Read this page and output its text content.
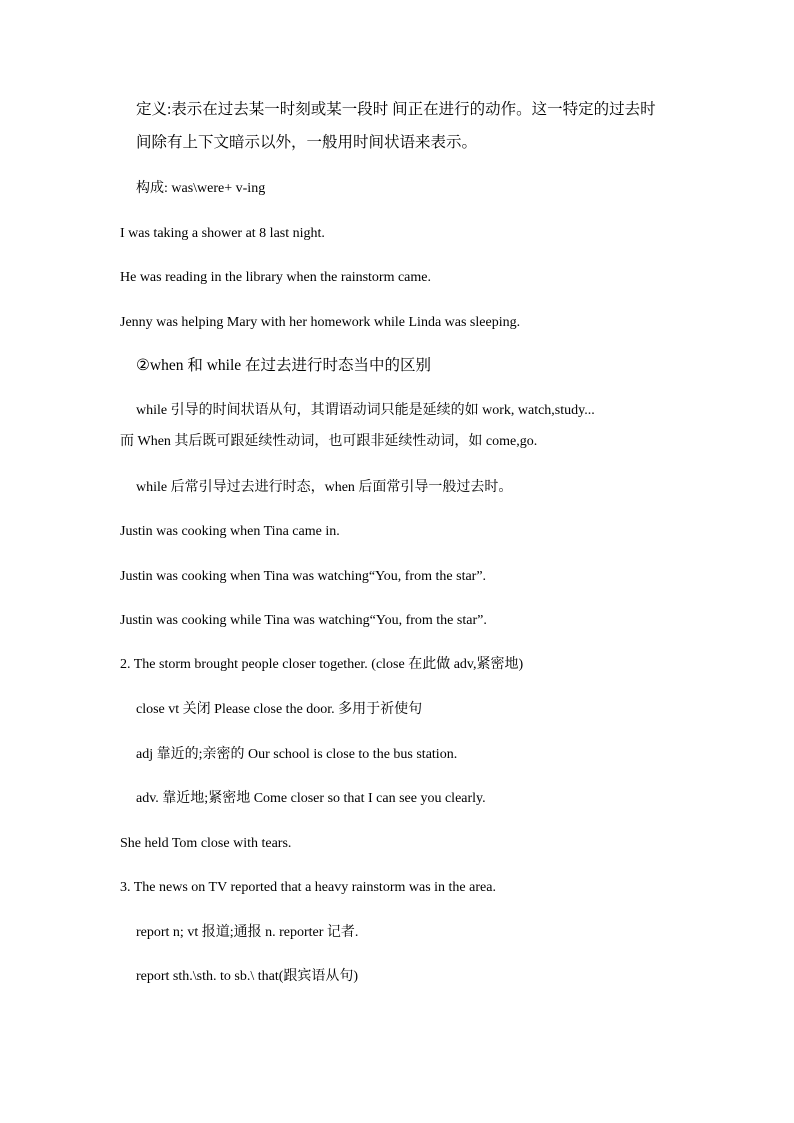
定义:表示在过去某一时刻或某一段时 间正在进行的动作。这一特定的过去时
间除有上下文暗示以外，一般用时间状语来表示。
构成: was\were+ v-ing
I was taking a shower at 8 last night.
He was reading in the library when the rainstorm came.
Jenny was helping Mary with her homework while Linda was sleeping.
②when 和 while 在过去进行时态当中的区别
while 引导的时间状语从句，其谓语动词只能是延续的如 work, watch,study...
而 When 其后既可跟延续性动词，也可跟非延续性动词，如 come,go.
while 后常引导过去进行时态，when 后面常引导一般过去时。
Justin was cooking when Tina came in.
Justin was cooking when Tina was watching“You, from the star”.
Justin was cooking while Tina was watching“You, from the star”.
2. The storm brought people closer together. (close 在此做 adv,紧密地)
close vt 关闭 Please close the door. 多用于祈使句
adj 靠近的;亲密的 Our school is close to the bus station.
adv. 靠近地;紧密地 Come closer so that I can see you clearly.
She held Tom close with tears.
3. The news on TV reported that a heavy rainstorm was in the area.
report n; vt 报道;通报 n. reporter 记者.
report sth.\sth. to sb.\ that(跟宾语从句)
